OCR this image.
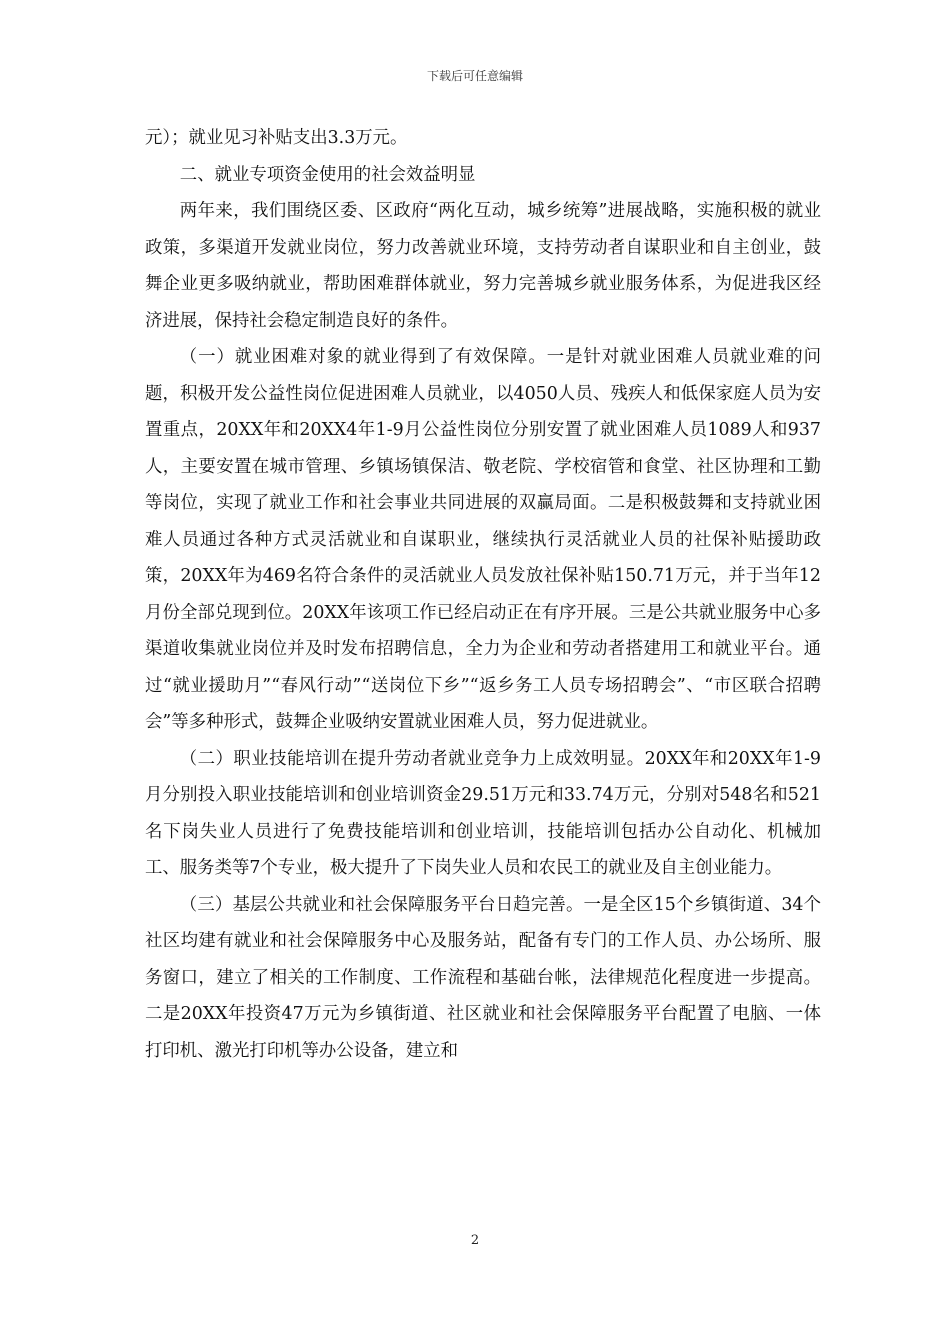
下载后可任意编辑

元）；就业见习补贴支出3.3万元。

二、就业专项资金使用的社会效益明显

两年来，我们围绕区委、区政府“两化互动，城乡统筹”进展战略，实施积极的就业政策，多渠道开发就业岗位，努力改善就业环境，支持劳动者自谋职业和自主创业，鼓舞企业更多吸纳就业，帮助困难群体就业，努力完善城乡就业服务体系，为促进我区经济进展，保持社会稳定制造良好的条件。

（一）就业困难对象的就业得到了有效保障。一是针对就业困难人员就业难的问题，积极开发公益性岗位促进困难人员就业，以4050人员、残疾人和低保家庭人员为安置重点，20XX年和20XX4年1-9月公益性岗位分别安置了就业困难人员1089人和937人，主要安置在城市管理、乡镇场镇保洁、敬老院、学校宿管和食堂、社区协理和工勤等岗位，实现了就业工作和社会事业共同进展的双赢局面。二是积极鼓舞和支持就业困难人员通过各种方式灵活就业和自谋职业，继续执行灵活就业人员的社保补贴援助政策，20XX年为469名符合条件的灵活就业人员发放社保补贴150.71万元，并于当年12月份全部兑现到位。20XX年该项工作已经启动正在有序开展。三是公共就业服务中心多渠道收集就业岗位并及时发布招聘信息，全力为企业和劳动者搭建用工和就业平台。通过“就业援助月”“春风行动”“送岗位下乡”“返乡务工人员专场招聘会”、“市区联合招聘会”等多种形式，鼓舞企业吸纳安置就业困难人员，努力促进就业。

（二）职业技能培训在提升劳动者就业竞争力上成效明显。20XX年和20XX年1-9月分别投入职业技能培训和创业培训资金29.51万元和33.74万元，分别对548名和521名下岗失业人员进行了免费技能培训和创业培训，技能培训包括办公自动化、机械加工、服务类等7个专业，极大提升了下岗失业人员和农民工的就业及自主创业能力。

（三）基层公共就业和社会保障服务平台日趋完善。一是全区15个乡镇街道、34个社区均建有就业和社会保障服务中心及服务站，配备有专门的工作人员、办公场所、服务窗口，建立了相关的工作制度、工作流程和基础台帐，法律规范化程度进一步提高。二是20XX年投资47万元为乡镇街道、社区就业和社会保障服务平台配置了电脑、一体打印机、激光打印机等办公设备，建立和

2
